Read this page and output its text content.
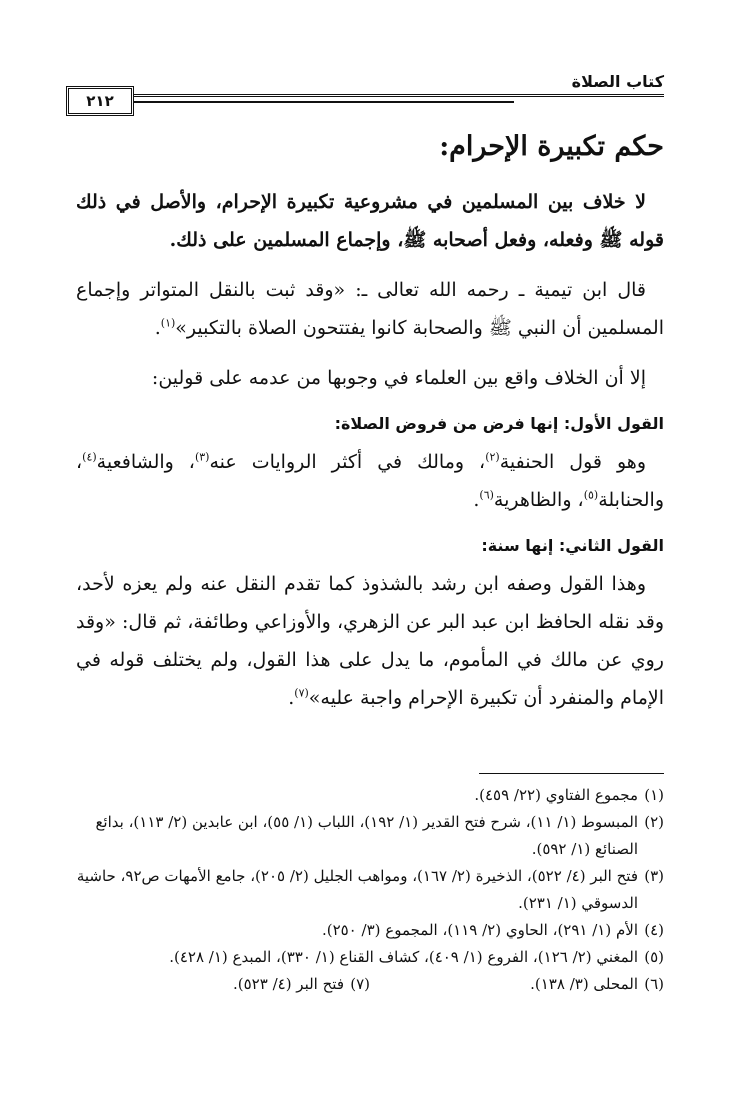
كتاب الصلاة
٢١٢
حكم تكبيرة الإحرام:

لا خلاف بين المسلمين في مشروعية تكبيرة الإحرام، والأصل في ذلك قوله ﷺ وفعله، وفعل أصحابه ﷺ، وإجماع المسلمين على ذلك.

قال ابن تيمية ـ رحمه الله تعالى ـ: «وقد ثبت بالنقل المتواتر وإجماع المسلمين أن النبي ﷺ والصحابة كانوا يفتتحون الصلاة بالتكبير»$^{(١)}$.

إلا أن الخلاف واقع بين العلماء في وجوبها من عدمه على قولين:

القول الأول: إنها فرض من فروض الصلاة:

وهو قول الحنفية$^{(٢)}$، ومالك في أكثر الروايات عنه$^{(٣)}$، والشافعية$^{(٤)}$، والحنابلة$^{(٥)}$، والظاهرية$^{(٦)}$.

القول الثاني: إنها سنة:

وهذا القول وصفه ابن رشد بالشذوذ كما تقدم النقل عنه ولم يعزه لأحد، وقد نقله الحافظ ابن عبد البر عن الزهري، والأوزاعي وطائفة، ثم قال: «وقد روي عن مالك في المأموم، ما يدل على هذا القول، ولم يختلف قوله في الإمام والمنفرد أن تكبيرة الإحرام واجبة عليه»$^{(٧)}$.

(١)
مجموع الفتاوي (٢٢/ ٤٥٩).
(٢)
المبسوط (١/ ١١)، شرح فتح القدير (١/ ١٩٢)، اللباب (١/ ٥٥)، ابن عابدين (٢/ ١١٣)، بدائع الصنائع (١/ ٥٩٢).
(٣)
فتح البر (٤/ ٥٢٢)، الذخيرة (٢/ ١٦٧)، ومواهب الجليل (٢/ ٢٠٥)، جامع الأمهات ص٩٢، حاشية الدسوقي (١/ ٢٣١).
(٤)
الأم (١/ ٢٩١)، الحاوي (٢/ ١١٩)، المجموع (٣/ ٢٥٠).
(٥)
المغني (٢/ ١٢٦)، الفروع (١/ ٤٠٩)، كشاف القناع (١/ ٣٣٠)، المبدع (١/ ٤٢٨).
(٦)
المحلى (٣/ ١٣٨).
(٧)
فتح البر (٤/ ٥٢٣).
